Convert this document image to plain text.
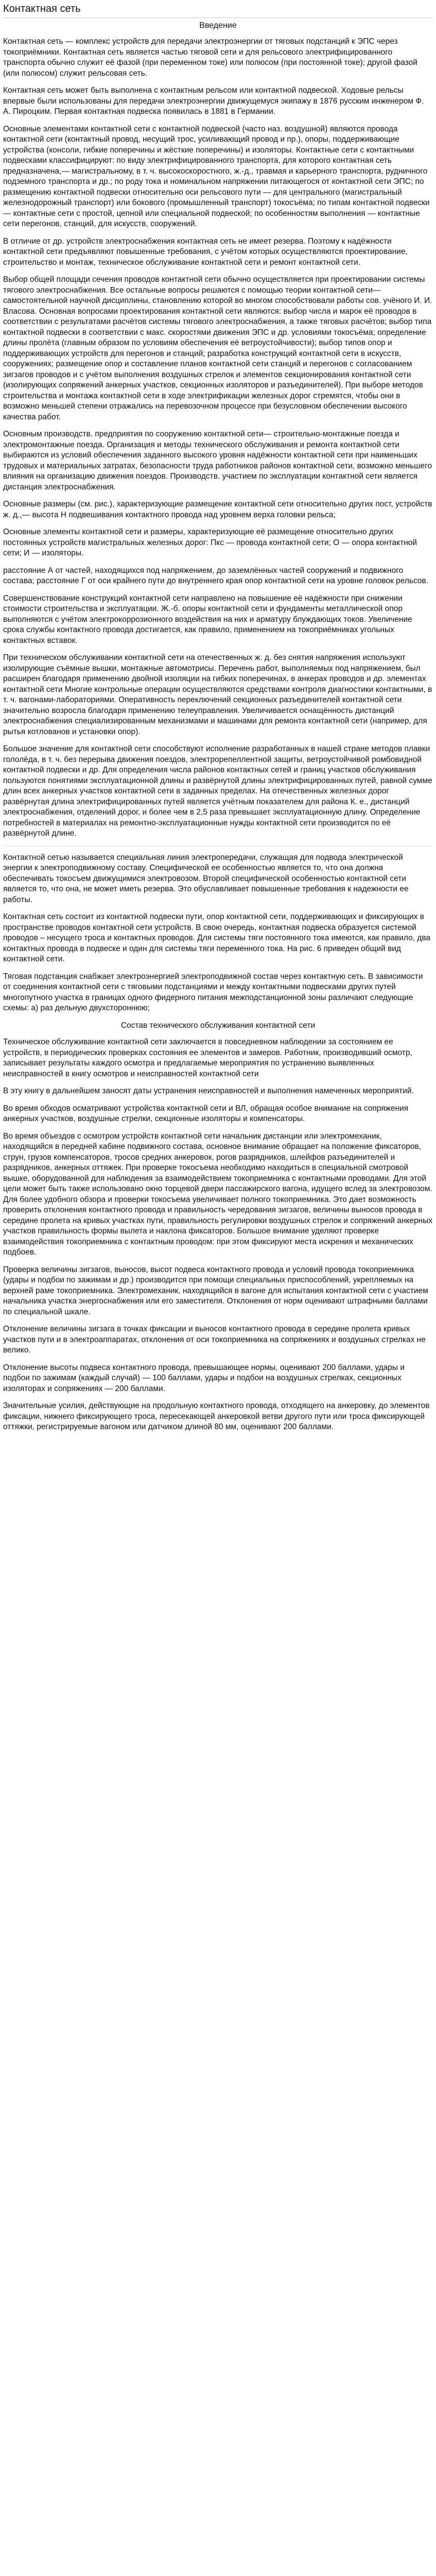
Контактная сеть
Введение

Контактная сеть — комплекс устройств для передачи электроэнергии от тяговых подстанций к ЭПС через токоприёмники. Контактная сеть является частью тяговой сети и для рельсового электрифицированного транспорта обычно служит её фазой (при переменном токе) или полюсом (при постоянной токе); другой фазой (или полюсом) служит рельсовая сеть.

Контактная сеть может быть выполнена с контактным рельсом или контактной подвеской. Ходовые рельсы впервые были использованы для передачи электроэнергии движущемуся экипажу в 1876 русским инженером Ф. А. Пироцким. Первая контактная подвеска появилась в 1881 в Германии.

Основные элементами контактной сети с контактной подвеской (часто наз. воздушной) являются провода контактной сети (контактный провод, несущий трос, усиливающий провод и пр.), опоры, поддерживающие устройства (консоли, гибкие поперечины и жёсткие поперечины) и изоляторы. Контактные сети с контактными подвесками классифицируют: по виду электрифицированного транспорта, для которого контактная сеть предназначена,— магистральному, в т. ч. высокоскоростного, ж.-д., травмая и карьерного транспорта, рудничного подземного транспорта и др.; по роду тока и номинальном напряжении питающегося от контактной сети ЭПС; по размещению контактной подвески относительно оси рельсового пути — для центрального (магистральный железнодорожный транспорт) или бокового (промышленный транспорт) токосъёма; по типам контактной подвески — контактные сети с простой, цепной или специальной подвеской; по особенностям выполнения — контактные сети перегонов, станций, для искусств, сооружений.

В отличие от др. устройств электроснабжения контактная сеть не имеет резерва. Поэтому к надёжности контактной сети предъявляют повышенные требования, с учётом которых осуществляются проектирование, строительство и монтаж, техническое обслуживание контактной сети и ремонт контактной сети.

Выбор общей площади сечения проводов контактной сети обычно осуществляется при проектировании системы тягового электроснабжения. Все остальные вопросы решаются с помощью теории контактной сети— самостоятельной научной дисциплины, становлению которой во многом способствовали работы сов. учёного И. И. Власова. Основная вопросами проектирования контактной сети являются: выбор числа и марок её проводов в соответствии с результатами расчётов системы тягового электроснабжения, а также тяговых расчётов; выбор типа контактной подвески в соответствии с макс. скоростями движения ЭПС и др. условиями токосъёма; определение длины пролёта (главным образом по условиям обеспечения её ветроустойчивости); выбор типов опор и поддерживающих устройств для перегонов и станций; разработка конструкций контактной сети в искусств, сооружениях; размещение опор и составление планов контактной сети станций и перегонов с согласованием зигзагов проводов и с учётом выполнения воздушных стрелок и элементов секционирования контактной сети (изолирующих сопряжений анкерных участков, секционных изоляторов и разъединителей). При выборе методов строительства и монтажа контактной сети в ходе электрификации железных дорог стремятся, чтобы они в возможно меньшей степени отражались на перевозочном процессе при безусловном обеспечении высокого качества работ.

Основным производств. предприятия по сооружению контактной сети— строительно-монтажные поезда и электромонтажные поезда. Организация и методы технического обслуживания и ремонта контактной сети выбираются из условий обеспечения заданного высокого уровня надёжности контактной сети при наименьших трудовых и материальных затратах, безопасности труда работников районов контактной сети, возможно меньшего влияния на организацию движения поездов. Производств. участием по эксплуатации контактной сети является дистанция электроснабжения.

Основные размеры (см. рис.), характеризующие размещение контактной сети относительно других пост, устройств ж. д.,— высота Н подвешивания контактного провода над уровнем верха головки рельса;

Основные элементы контактной сети и размеры, характеризующие её размещение относительно других постоянных устройств магистральных железных дорог: Пкс — провода контактной сети; О — опора контактной сети; И — изоляторы.

расстояние А от частей, находящихся под напряжением, до заземлённых частей сооружений и подвижного состава; расстояние Г от оси крайнего пути до внутреннего края опор контактной сети на уровне головок рельсов.

Совершенствование конструкций контактной сети направлено на повышение её надёжности при снижении стоимости строительства и эксплуатации. Ж.-б. опоры контактной сети и фундаменты металлической опор выполняются с учётом электрокоррозионного воздействия на них и арматуру блуждающих токов. Увеличение срока службы контактного провода достигается, как правило, применением на токоприёмниках угольных контактных вставок.

При техническом обслуживании контактной сети на отечественных ж. д. без снятия напряжения используют изолирующие съёмные вышки, монтажные автомотрисы. Перечень работ, выполняемых под напряжением, был расширен благодаря применению двойной изоляции на гибких поперечинах, в анкерах проводов и др. элементах контактной сети Многие контрольные операции осуществляются средствами контроля диагностики контактными, в т. ч. вагонами-лабораториями. Оперативность переключений секционных разъединителей контактной сети значительно возросла благодаря применению телеуправления. Увеличивается оснащённость дистанций электроснабжения специализированным механизмами и машинами для ремонта контактной сети (например, для рытья котлованов и установки опор).

Большое значение для контактной сети способствуют исполнение разработанных в нашей стране методов плавки гололёда, в т. ч. без перерыва движения поездов, электрорепеллентной защиты, ветроустойчивой ромбовидной контактной подвески и др. Для определения числа районов контактных сетей и границ участков обслуживания пользуются понятиями эксплуатационной длины и развёрнутой длины электрифицированных путей, равной сумме длин всех анкерных участков контактной сети в заданных пределах. На отечественных железных дорог развёрнутая длина электрифицированных путей является учётным показателем для района К. е., дистанций электроснабжения, отделений дорог, и более чем в 2,5 раза превышает эксплуатационную длину. Определение потребностей в материалах на ремонтно-эксплуатационные нужды контактной сети производится по её развёрнутой длине.

Контактной сетью называется специальная линия электропередачи, служащая для подвода электрической энергии к электроподвижному составу. Специфической ее особенностью является то, что она должна обеспечивать токосъем движущимися электровозом. Второй специфической особенностью контактной сети является то, что она, не может иметь резерва. Это обуславливает повышенные требования к надежности ее работы.

Контактная сеть состоит из контактной подвески пути, опор контактной сети, поддерживающих и фиксирующих в пространстве проводов контактной сети устройств. В свою очередь, контактная подвеска образуется системой проводов – несущего троса и контактных проводов. Для системы тяги постоянного тока имеются, как правило, два контактных провода в подвеске и один для системы тяги переменного тока. На рис. 6 приведен общий вид контактной сети.

Тяговая подстанция снабжает электроэнергией электроподвижной состав через контактную сеть. В зависимости от соединения контактной сети с тяговыми подстанциями и между контактными подвесками других путей многопутного участка в границах одного фидерного питания межподстанционной зоны различают следующие схемы: а) раз дельную двухстороннюю;

Состав технического обслуживания контактной сети

Техническое обслуживание контактной сети заключается в повседневном наблюдении за состоянием ее устройств, в периодических проверках состояния ее элементов и замеров. Работник, производивший осмотр, записывает результаты каждого осмотра и предлагаемые мероприятия по устранению выявленных неисправностей в книгу осмотров и неисправностей контактной сети

В эту книгу в дальнейшем заносят даты устранения неисправностей и выполнения намеченных мероприятий.

Во время обходов осматривают устройства контактной сети и ВЛ, обращая особое внимание на сопряжения анкерных участков, воздушные стрелки, секционные изоляторы и компенсаторы.

Во время объездов с осмотром устройств контактной сети начальник дистанции или электромеханик, находящийся в передней кабине подвижного состава, основное внимание обращает на положение фиксаторов, струн, грузов компенсаторов, тросов средних анкеровок, рогов разрядников, шлейфов разъединителей и разрядников, анкерных оттяжек. При проверке токосъема необходимо находиться в специальной смотровой вышке, оборудованной для наблюдения за взаимодействием токоприемника с контактными проводами. Для этой цели может быть также использовано окно торцевой двери пассажирского вагона, идущего вслед за электровозом. Для более удобного обзора и проверки токосъема увеличивает полного токоприемника. Это дает возможность проверить отклонения контактного провода и правильность чередования зигзагов, величины выносов провода в середине пролета на кривых участках пути, правильность регулировки воздушных стрелок и сопряжений анкерных участков правильность формы вылета и наклона фиксаторов. Большое внимание уделяют проверке взаимодействия токоприемника с контактным проводом: при этом фиксируют места искрения и механических подбоев.

Проверка величины зигзагов, выносов, высот подвеса контактного провода и условий провода токоприемника (удары и подбои по зажимам и др.) производится при помощи специальных приспособлений, укрепляемых на верхней раме токоприемника. Электромеханик, находящийся в вагоне для испытания контактной сети с участием начальника участка энергоснабжения или его заместителя. Отклонения от норм оценивают штрафными баллами по специальной шкале.

Отклонение величины зигзага в точках фиксации и выносов контактного провода в середине пролета кривых участков пути и в электроаппаратах, отклонения от оси токоприемника на сопряжениях и воздушных стрелках не велико.

Отклонение высоты подвеса контактного провода, превышающее нормы, оценивают 200 баллами, удары и подбои по зажимам (каждый случай) — 100 баллами, удары и подбои на воздушных стрелках, секционных изоляторах и сопряжениях — 200 баллами.

Значительные усилия, действующие на продольную контактного провода, отходящего на анкеровку, до элементов фиксации, нижнего фиксирующего троса, пересекающей анкеровкой ветви другого пути или троса фиксирующей оттяжки, регистрируемые вагоном или датчиком длиной 80 мм, оценивают 200 баллами.
